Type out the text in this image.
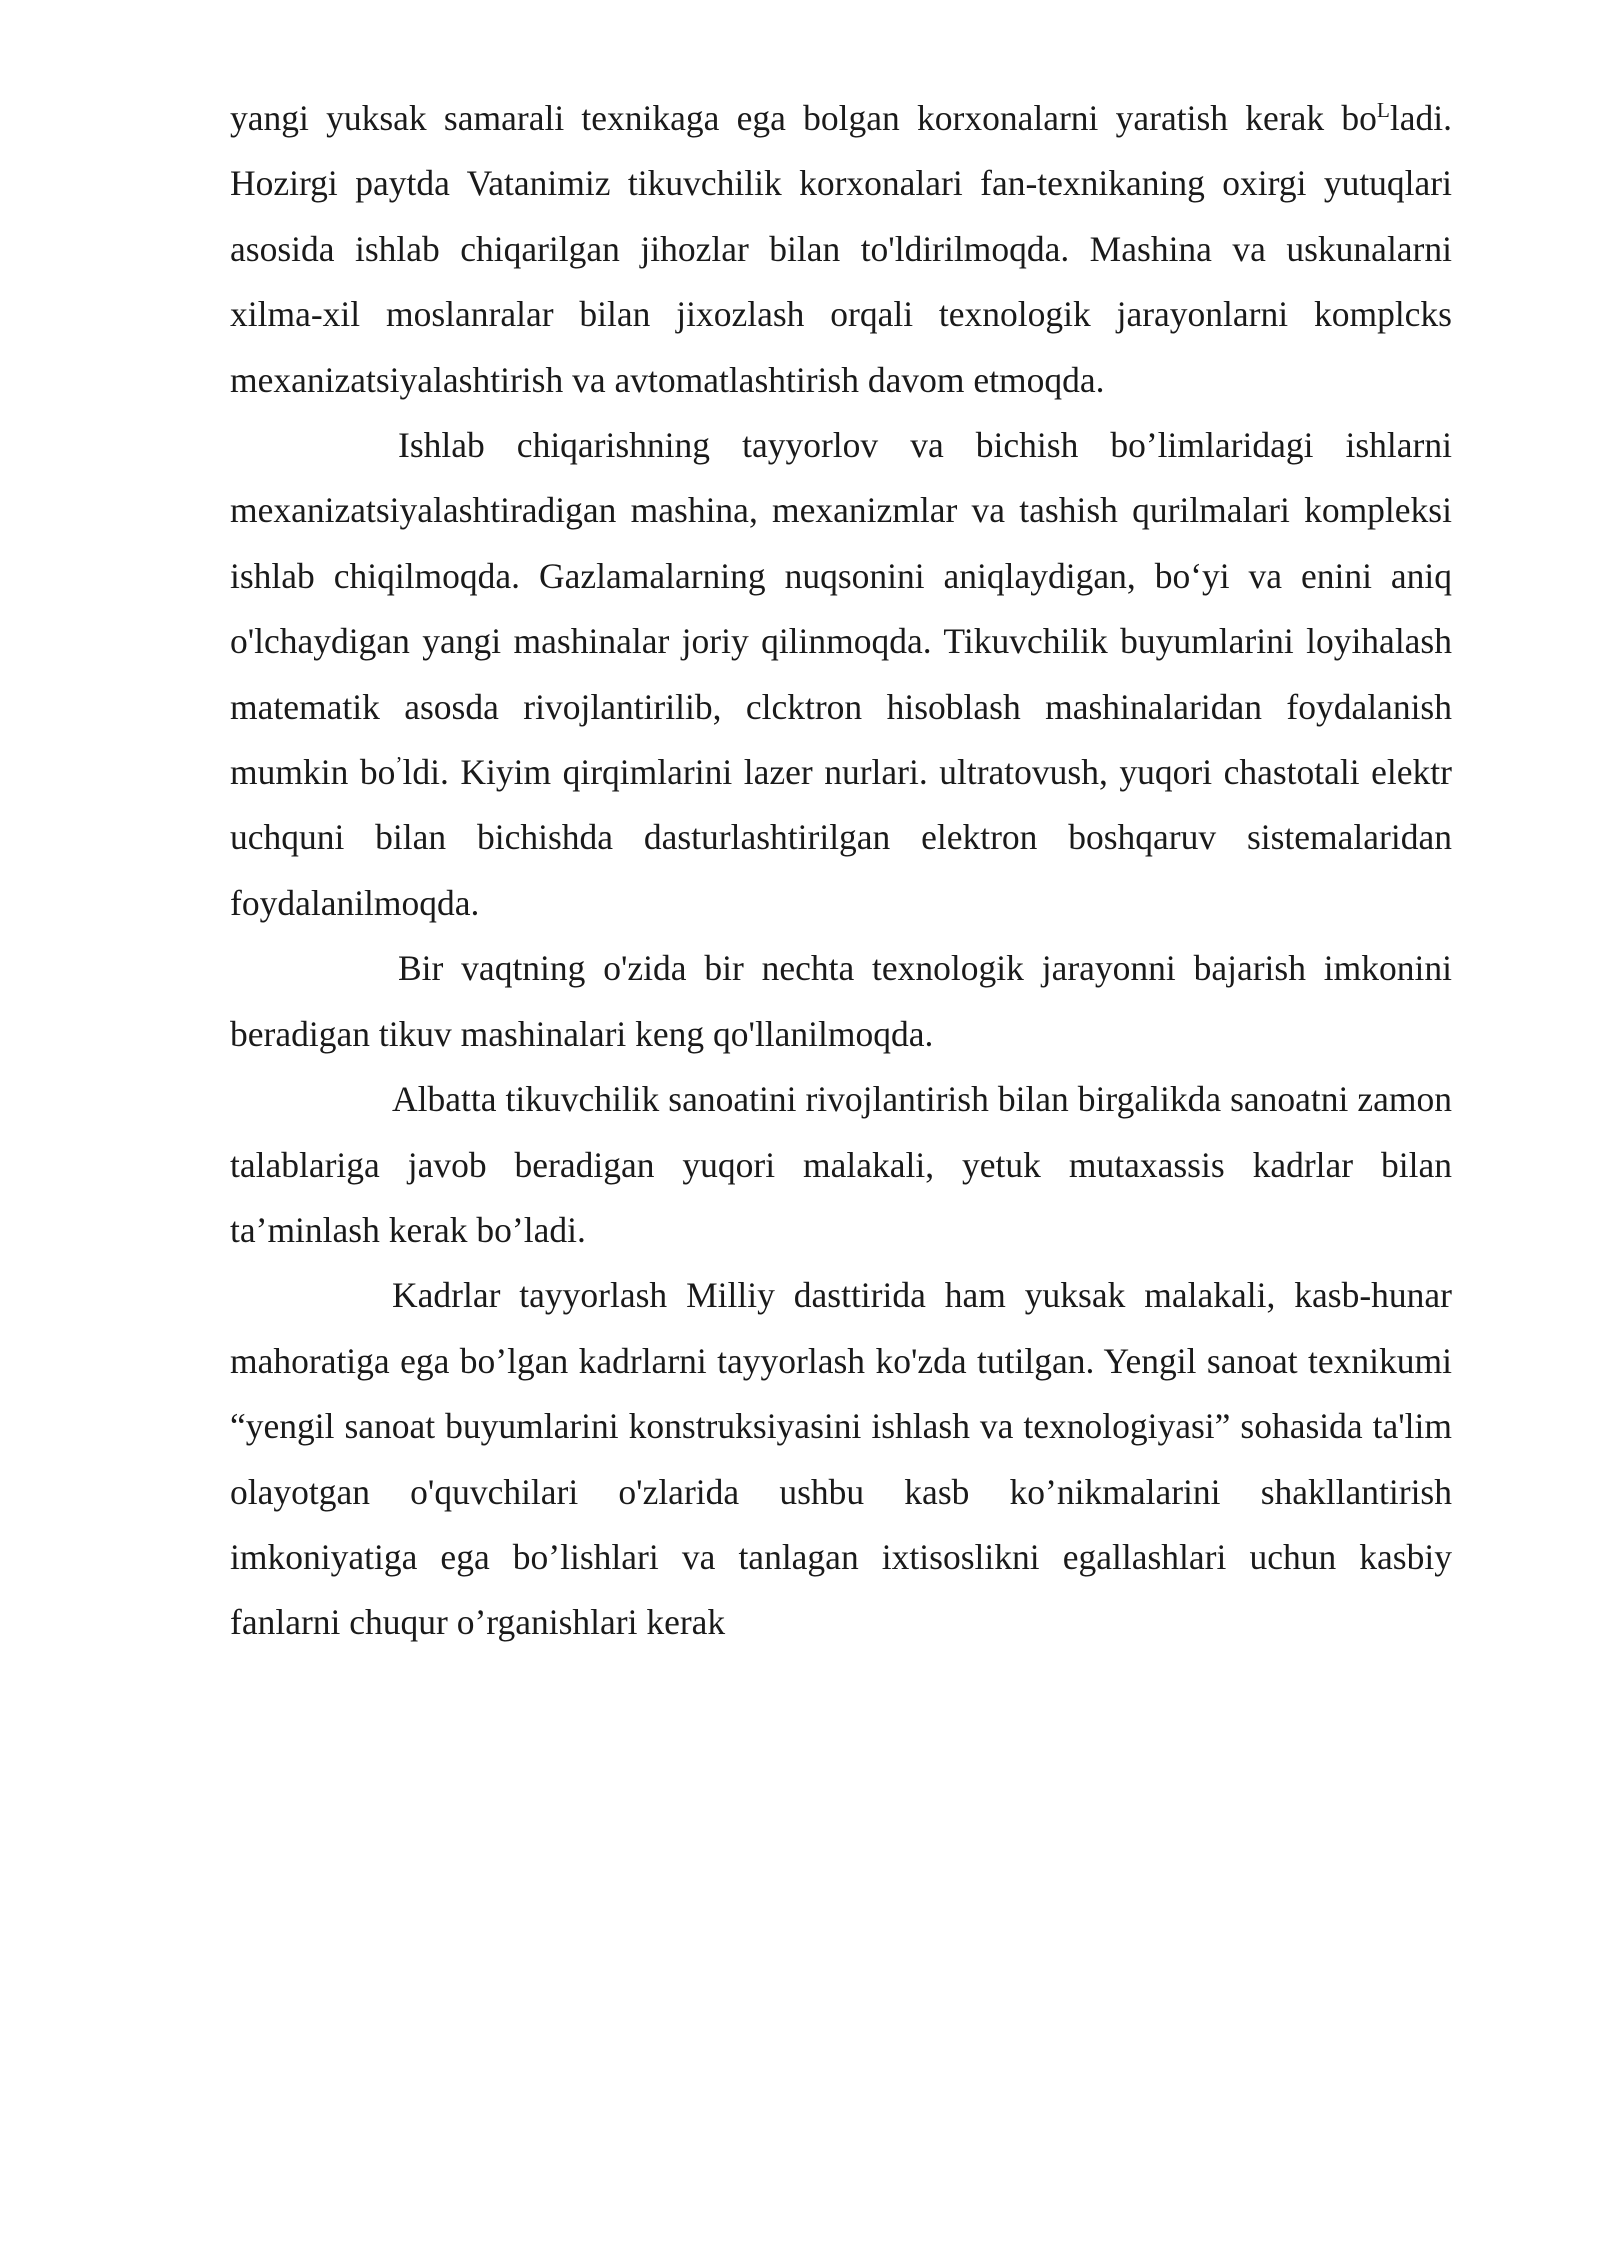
yangi yuksak samarali texnikaga ega bolgan korxonalarni yaratish kerak $bo^Lladi$. Hozirgi paytda Vatanimiz tikuvchilik korxonalari fan-texnikaning oxirgi yutuqlari asosida ishlab chiqarilgan jihozlar bilan to'ldirilmoqda. Mashina va uskunalarni xilma-xil moslanralar bilan jixozlash orqali texnologik jarayonlarni komplcks mexanizatsiyalashtirish va avtomatlashtirish davom etmoqda.

Ishlab chiqarishning tayyorlov va bichish bo’limlaridagi ishlarni mexanizatsiyalashtiradigan mashina, mexanizmlar va tashish qurilmalari kompleksi ishlab chiqilmoqda. Gazlamalarning nuqsonini aniqlaydigan, bo‘yi va enini aniq o'lchaydigan yangi mashinalar joriy qilinmoqda. Tikuvchilik buyumlarini loyihalash matematik asosda rivojlantirilib, clcktron hisoblash mashinalaridan foydalanish mumkin bo’ldi. Kiyim qirqimlarini lazer nurlari. ultratovush, yuqori chastotali elektr uchquni bilan bichishda dasturlashtirilgan elektron boshqaruv sistemalaridan foydalanilmoqda.

Bir vaqtning o'zida bir nechta texnologik jarayonni bajarish imkonini beradigan tikuv mashinalari keng qo'llanilmoqda.

Albatta tikuvchilik sanoatini rivojlantirish bilan birgalikda sanoatni zamon talablariga javob beradigan yuqori malakali, yetuk mutaxassis kadrlar bilan ta’minlash kerak bo’ladi.

Kadrlar tayyorlash Milliy dasttirida ham yuksak malakali, kasb-hunar mahoratiga ega bo’lgan kadrlarni tayyorlash ko'zda tutilgan. Yengil sanoat texnikumi “yengil sanoat buyumlarini konstruksiyasini ishlash va texnologiyasi” sohasida ta'lim olayotgan o'quvchilari o'zlarida ushbu kasb ko’nikmalarini shakllantirish imkoniyatiga ega bo’lishlari va tanlagan ixtisoslikni egallashlari uchun kasbiy fanlarni chuqur o’rganishlari kerak
